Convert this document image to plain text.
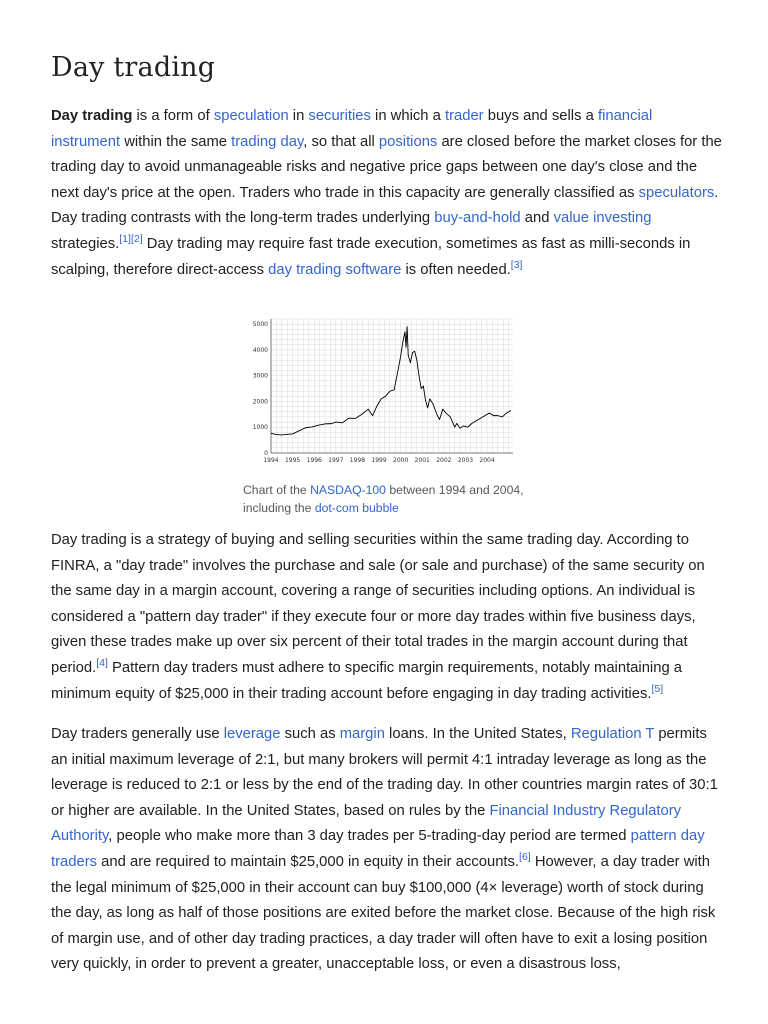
Day trading

Day trading is a form of speculation in securities in which a trader buys and sells a financial instrument within the same trading day, so that all positions are closed before the market closes for the trading day to avoid unmanageable risks and negative price gaps between one day's close and the next day's price at the open. Traders who trade in this capacity are generally classified as speculators. Day trading contrasts with the long-term trades underlying buy-and-hold and value investing strategies.[1][2] Day trading may require fast trade execution, sometimes as fast as milli-seconds in scalping, therefore direct-access day trading software is often needed.[3]

0
1000
2000
3000
4000
5000
1994 1995 1996 1997 1998 1999 2000 2001 2002 2003 2004
Chart of the NASDAQ-100 between 1994 and 2004, including the dot-com bubble

Day trading is a strategy of buying and selling securities within the same trading day. According to FINRA, a "day trade" involves the purchase and sale (or sale and purchase) of the same security on the same day in a margin account, covering a range of securities including options. An individual is considered a "pattern day trader" if they execute four or more day trades within five business days, given these trades make up over six percent of their total trades in the margin account during that period.[4] Pattern day traders must adhere to specific margin requirements, notably maintaining a minimum equity of $25,000 in their trading account before engaging in day trading activities.[5]

Day traders generally use leverage such as margin loans. In the United States, Regulation T permits an initial maximum leverage of 2:1, but many brokers will permit 4:1 intraday leverage as long as the leverage is reduced to 2:1 or less by the end of the trading day. In other countries margin rates of 30:1 or higher are available. In the United States, based on rules by the Financial Industry Regulatory Authority, people who make more than 3 day trades per 5-trading-day period are termed pattern day traders and are required to maintain $25,000 in equity in their accounts.[6] However, a day trader with the legal minimum of $25,000 in their account can buy $100,000 (4× leverage) worth of stock during the day, as long as half of those positions are exited before the market close. Because of the high risk of margin use, and of other day trading practices, a day trader will often have to exit a losing position very quickly, in order to prevent a greater, unacceptable loss, or even a disastrous loss,
